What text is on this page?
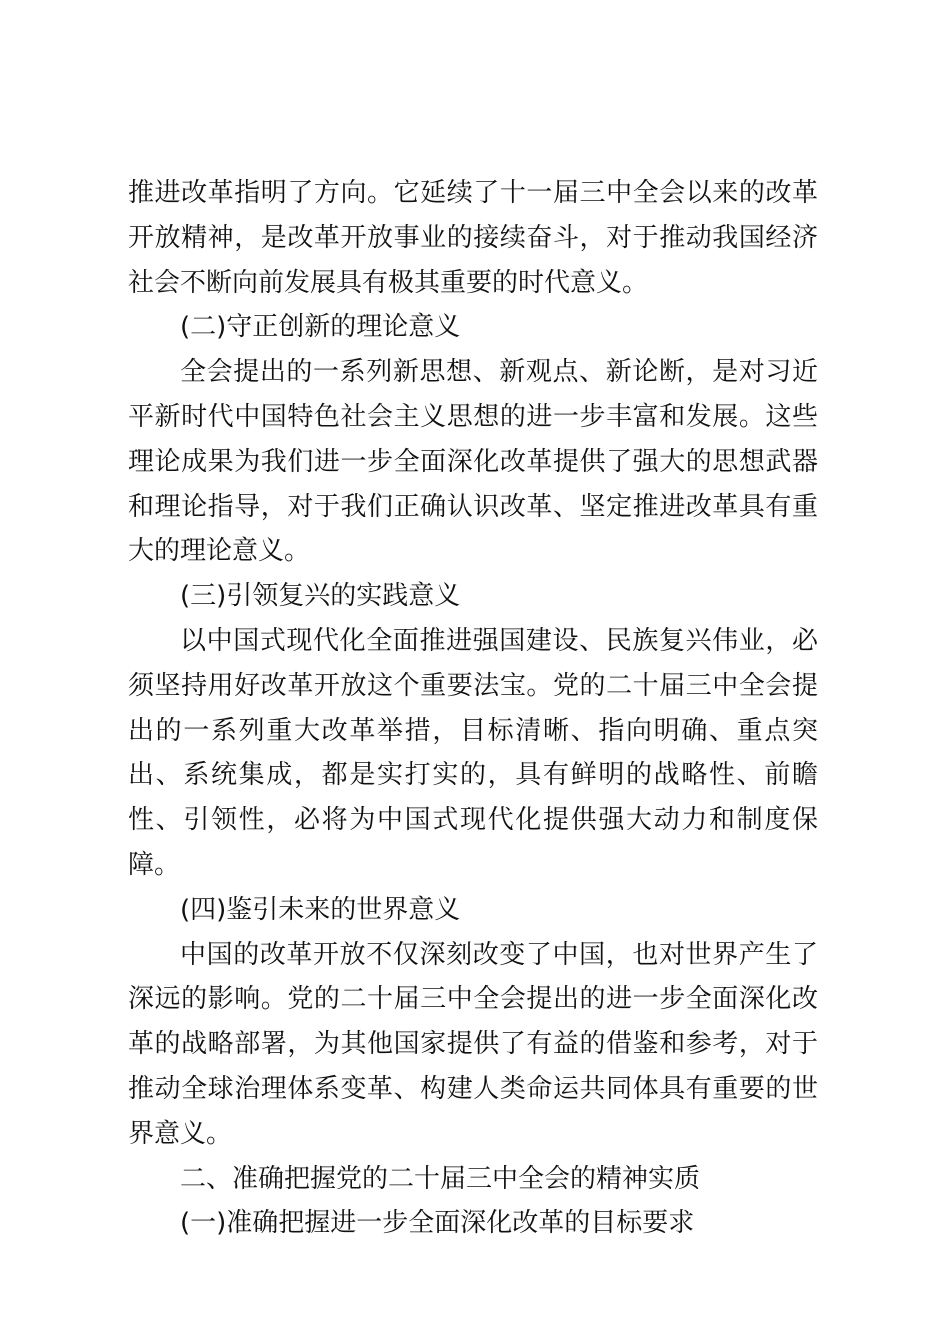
推进改革指明了方向。它延续了十一届三中全会以来的改革开放精神，是改革开放事业的接续奋斗，对于推动我国经济社会不断向前发展具有极其重要的时代意义。

(二)守正创新的理论意义

全会提出的一系列新思想、新观点、新论断，是对习近平新时代中国特色社会主义思想的进一步丰富和发展。这些理论成果为我们进一步全面深化改革提供了强大的思想武器和理论指导，对于我们正确认识改革、坚定推进改革具有重大的理论意义。

(三)引领复兴的实践意义

以中国式现代化全面推进强国建设、民族复兴伟业，必须坚持用好改革开放这个重要法宝。党的二十届三中全会提出的一系列重大改革举措，目标清晰、指向明确、重点突出、系统集成，都是实打实的，具有鲜明的战略性、前瞻性、引领性，必将为中国式现代化提供强大动力和制度保障。

(四)鉴引未来的世界意义

中国的改革开放不仅深刻改变了中国，也对世界产生了深远的影响。党的二十届三中全会提出的进一步全面深化改革的战略部署，为其他国家提供了有益的借鉴和参考，对于推动全球治理体系变革、构建人类命运共同体具有重要的世界意义。

二、准确把握党的二十届三中全会的精神实质

(一)准确把握进一步全面深化改革的目标要求
